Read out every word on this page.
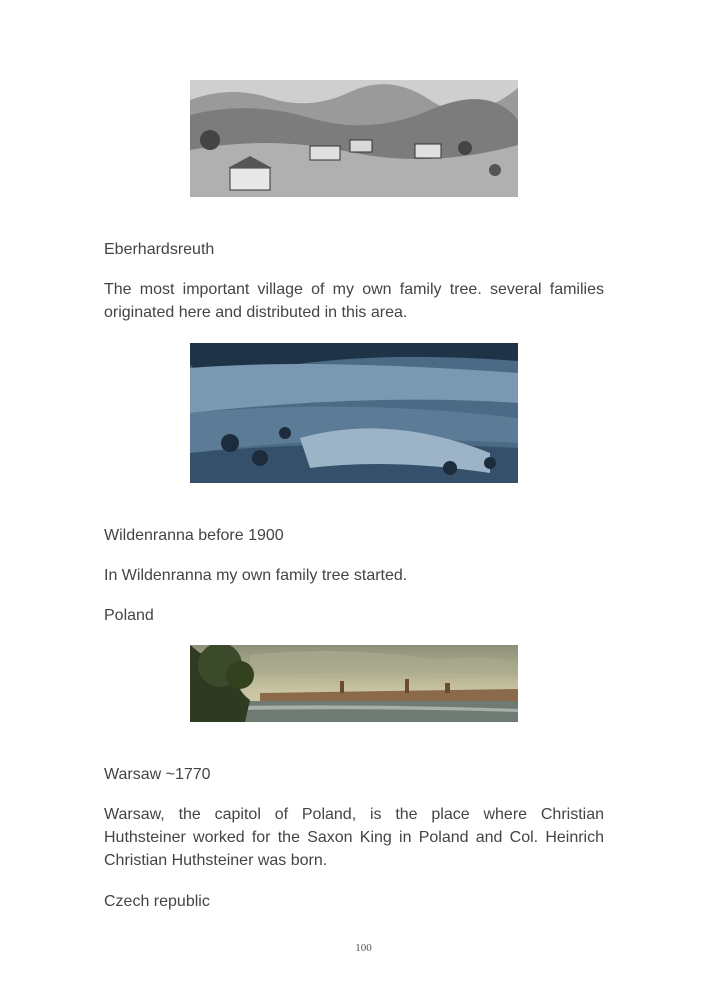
Eberhardsreuth

The most important village of my own family tree. several families originated here and distributed in this area.

Wildenranna before 1900

In Wildenranna my own family tree started.

Poland

Warsaw ~1770

Warsaw, the capitol of Poland, is the place where Christian Huthsteiner worked for the Saxon King in Poland and Col. Heinrich Christian Huthsteiner was born.

Czech republic

100
